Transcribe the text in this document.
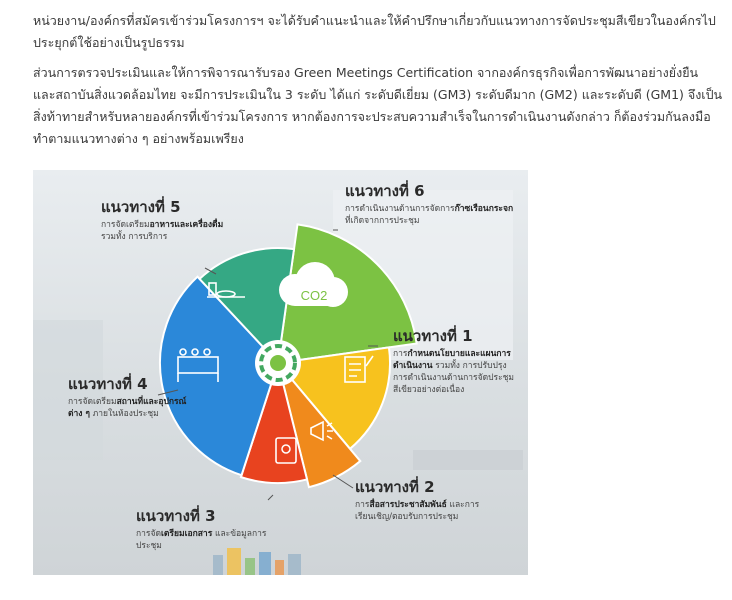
หน่วยงาน/องค์กรที่สมัครเข้าร่วมโครงการฯ จะได้รับคำแนะนำและให้คำปรึกษาเกี่ยวกับแนวทางการจัดประชุมสีเขียวในองค์กรไปประยุกต์ใช้อย่างเป็นรูปธรรม
ส่วนการตรวจประเมินและให้การพิจารณารับรอง Green Meetings Certification จากองค์กรธุรกิจเพื่อการพัฒนาอย่างยั่งยืน และสถาบันสิ่งแวดล้อมไทย จะมีการประเมินใน 3 ระดับ ได้แก่ ระดับดีเยี่ยม (GM3) ระดับดีมาก (GM2) และระดับดี (GM1) จึงเป็นสิ่งท้าทายสำหรับหลายองค์กรที่เข้าร่วมโครงการ หากต้องการจะประสบความสำเร็จในการดำเนินงานดังกล่าว ก็ต้องร่วมกันลงมือทำตามแนวทางต่าง ๆ อย่างพร้อมเพรียง
CO2
แนวทางที่ 6
การดำเนินงานด้านการจัดการก๊าซเรือนกระจก ที่เกิดจากการประชุม
แนวทางที่ 5
การจัดเตรียมอาหารและเครื่องดื่ม รวมทั้ง การบริการ
แนวทางที่ 1
การกำหนดนโยบายและแผนการดำเนินงาน รวมทั้ง การปรับปรุงการดำเนินงานด้านการจัดประชุมสีเขียวอย่างต่อเนื่อง
แนวทางที่ 4
การจัดเตรียมสถานที่และอุปกรณ์ต่าง ๆ ภายในห้องประชุม
แนวทางที่ 2
การสื่อสารประชาสัมพันธ์ และการเรียนเชิญ/ตอบรับการประชุม
แนวทางที่ 3
การจัดเตรียมเอกสาร และข้อมูลการประชุม
